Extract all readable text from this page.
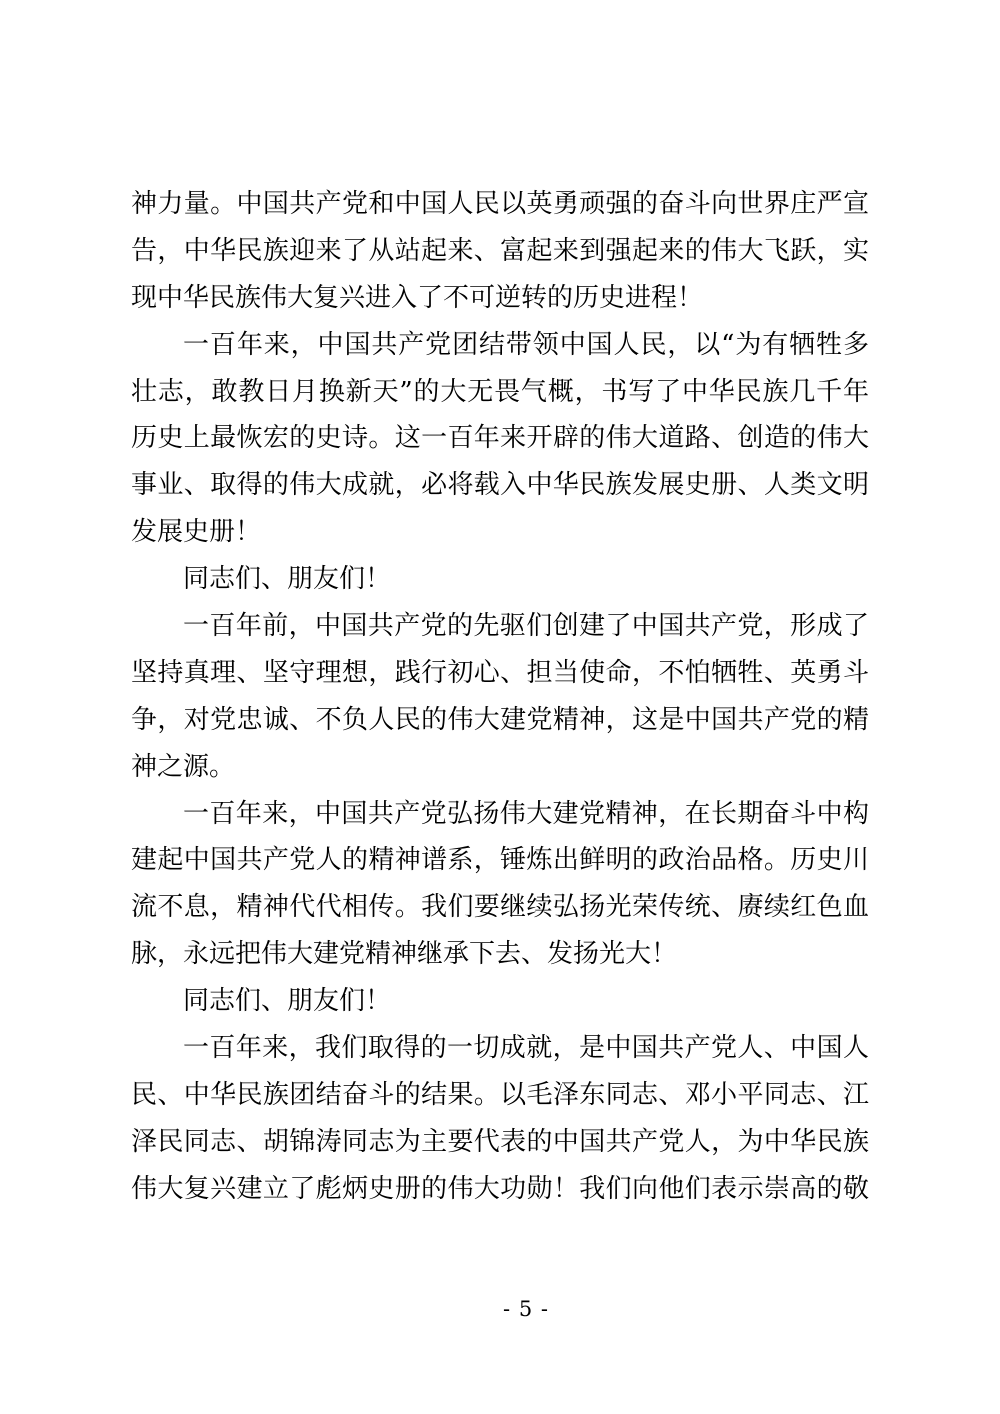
神力量。中国共产党和中国人民以英勇顽强的奋斗向世界庄严宣
告，中华民族迎来了从站起来、富起来到强起来的伟大飞跃，实
现中华民族伟大复兴进入了不可逆转的历史进程！
一百年来，中国共产党团结带领中国人民，以“为有牺牲多
壮志，敢教日月换新天”的大无畏气概，书写了中华民族几千年
历史上最恢宏的史诗。这一百年来开辟的伟大道路、创造的伟大
事业、取得的伟大成就，必将载入中华民族发展史册、人类文明
发展史册！
同志们、朋友们！
一百年前，中国共产党的先驱们创建了中国共产党，形成了
坚持真理、坚守理想，践行初心、担当使命，不怕牺牲、英勇斗
争，对党忠诚、不负人民的伟大建党精神，这是中国共产党的精
神之源。
一百年来，中国共产党弘扬伟大建党精神，在长期奋斗中构
建起中国共产党人的精神谱系，锤炼出鲜明的政治品格。历史川
流不息，精神代代相传。我们要继续弘扬光荣传统、赓续红色血
脉，永远把伟大建党精神继承下去、发扬光大！
同志们、朋友们！
一百年来，我们取得的一切成就，是中国共产党人、中国人
民、中华民族团结奋斗的结果。以毛泽东同志、邓小平同志、江
泽民同志、胡锦涛同志为主要代表的中国共产党人，为中华民族
伟大复兴建立了彪炳史册的伟大功勋！我们向他们表示崇高的敬
- 5 -
